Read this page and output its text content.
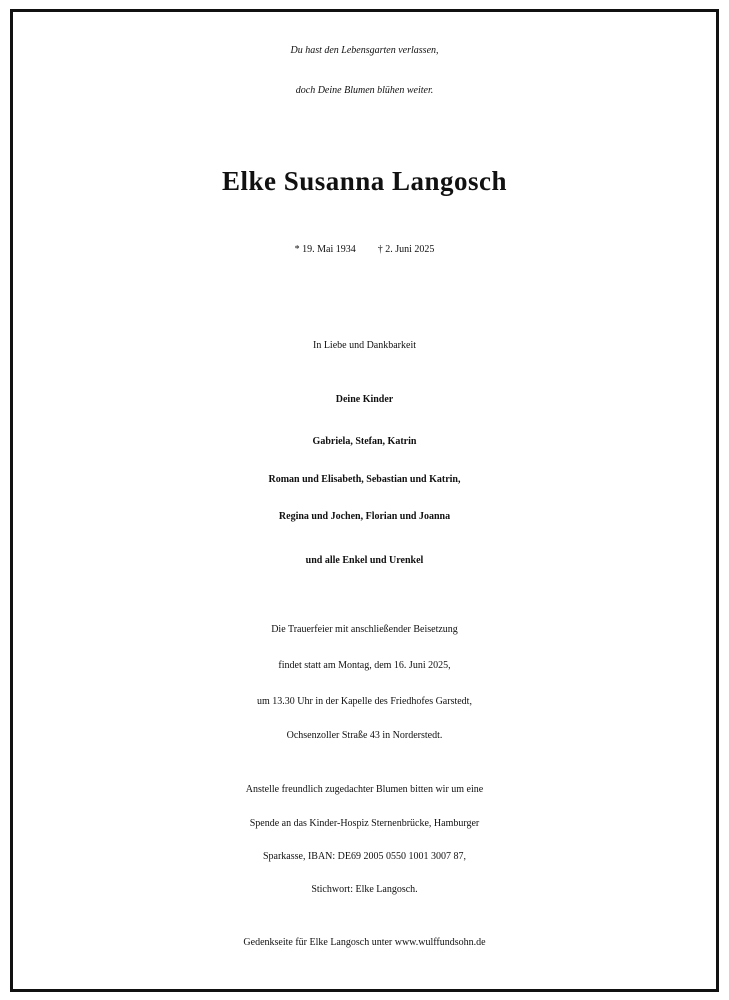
Du hast den Lebensgarten verlassen,
doch Deine Blumen blühen weiter.
Elke Susanna Langosch
* 19. Mai 1934 † 2. Juni 2025
In Liebe und Dankbarkeit
Deine Kinder
Gabriela, Stefan, Katrin
Roman und Elisabeth, Sebastian und Katrin,
Regina und Jochen, Florian und Joanna
und alle Enkel und Urenkel
Die Trauerfeier mit anschließender Beisetzung
findet statt am Montag, dem 16. Juni 2025,
um 13.30 Uhr in der Kapelle des Friedhofes Garstedt,
Ochsenzoller Straße 43 in Norderstedt.
Anstelle freundlich zugedachter Blumen bitten wir um eine
Spende an das Kinder-Hospiz Sternenbrücke, Hamburger
Sparkasse, IBAN: DE69 2005 0550 1001 3007 87,
Stichwort: Elke Langosch.
Gedenkseite für Elke Langosch unter www.wulffundsohn.de
